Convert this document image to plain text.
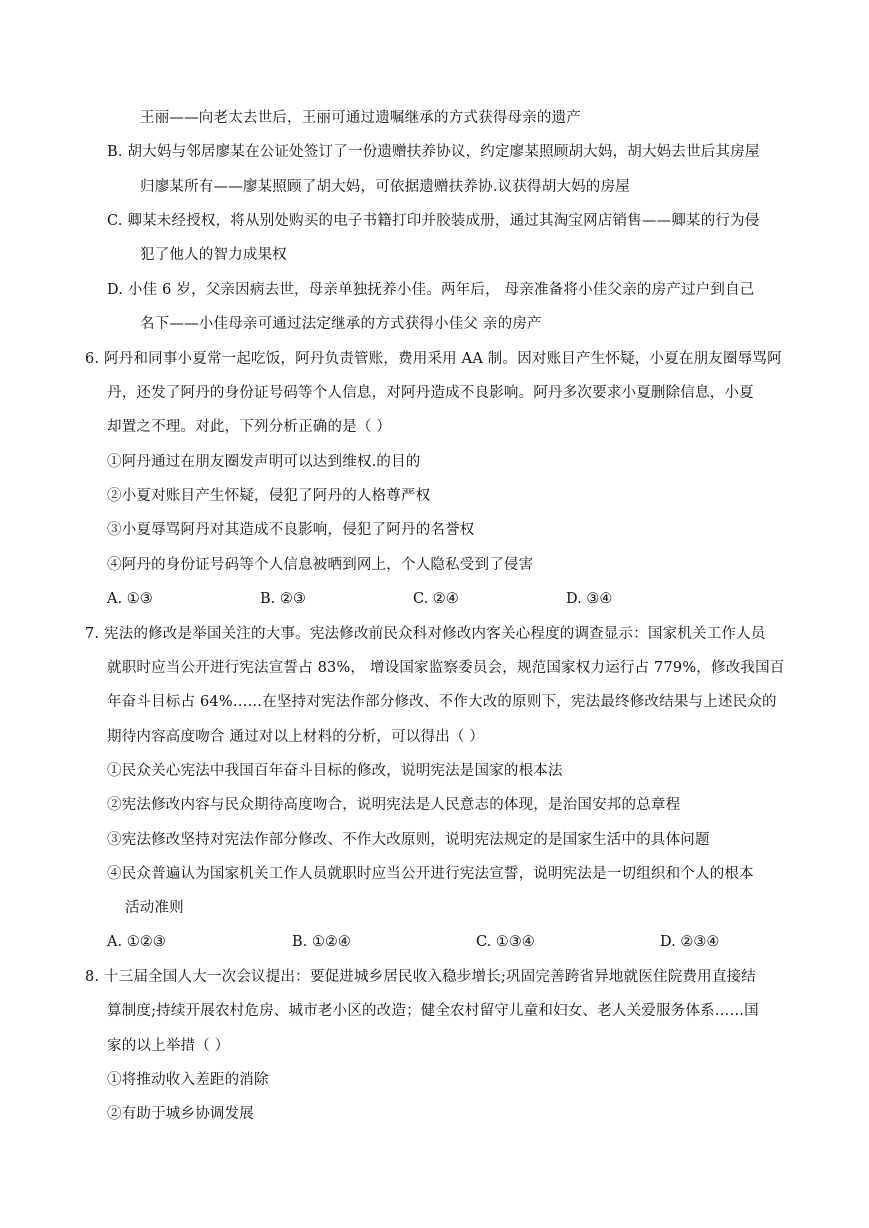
王丽——向老太去世后，王丽可通过遗嘱继承的方式获得母亲的遗产
B. 胡大妈与邻居廖某在公证处签订了一份遗赠扶养协议，约定廖某照顾胡大妈，胡大妈去世后其房屋
归廖某所有——廖某照顾了胡大妈，可依据遗赠扶养协.议获得胡大妈的房屋
C. 卿某未经授权，将从别处购买的电子书籍打印并胶装成册，通过其淘宝网店销售——卿某的行为侵
犯了他人的智力成果权
D. 小佳 6 岁，父亲因病去世，母亲单独抚养小佳。两年后， 母亲准备将小佳父亲的房产过户到自己
名下——小佳母亲可通过法定继承的方式获得小佳父 亲的房产
6. 阿丹和同事小夏常一起吃饭，阿丹负责管账，费用采用 AA 制。因对账目产生怀疑，小夏在朋友圈辱骂阿
丹，还发了阿丹的身份证号码等个人信息，对阿丹造成不良影响。阿丹多次要求小夏删除信息，小夏
却置之不理。对此，下列分析正确的是（ ）
①阿丹通过在朋友圈发声明可以达到维权.的目的
②小夏对账目产生怀疑，侵犯了阿丹的人格尊严权
③小夏辱骂阿丹对其造成不良影响，侵犯了阿丹的名誉权
④阿丹的身份证号码等个人信息被晒到网上，个人隐私受到了侵害
A. ①③	B. ②③	C. ②④	D. ③④
7. 宪法的修改是举国关注的大事。宪法修改前民众科对修改内客关心程度的调查显示：国家机关工作人员
就职时应当公开进行宪法宣誓占 83%， 增设国家监察委员会，规范国家权力运行占 779%，修改我国百
年奋斗目标占 64%……在坚持对宪法作部分修改、不作大改的原则下，宪法最终修改结果与上述民众的
期待内容高度吻合 通过对以上材料的分析，可以得出（ ）
①民众关心宪法中我国百年奋斗目标的修改，说明宪法是国家的根本法
②宪法修改内容与民众期待高度吻合，说明宪法是人民意志的体现，是治国安邦的总章程
③宪法修改坚持对宪法作部分修改、不作大改原则，说明宪法规定的是国家生活中的具体问题
④民众普遍认为国家机关工作人员就职时应当公开进行宪法宣誓，说明宪法是一切组织和个人的根本
活动准则
A. ①②③	B. ①②④	C. ①③④	D. ②③④
8. 十三届全国人大一次会议提出：要促进城乡居民收入稳步增长;巩固完善跨省异地就医住院费用直接结
算制度;持续开展农村危房、城市老小区的改造；健全农村留守儿童和妇女、老人关爱服务体系……国
家的以上举措（ ）
①将推动收入差距的消除
②有助于城乡协调发展
